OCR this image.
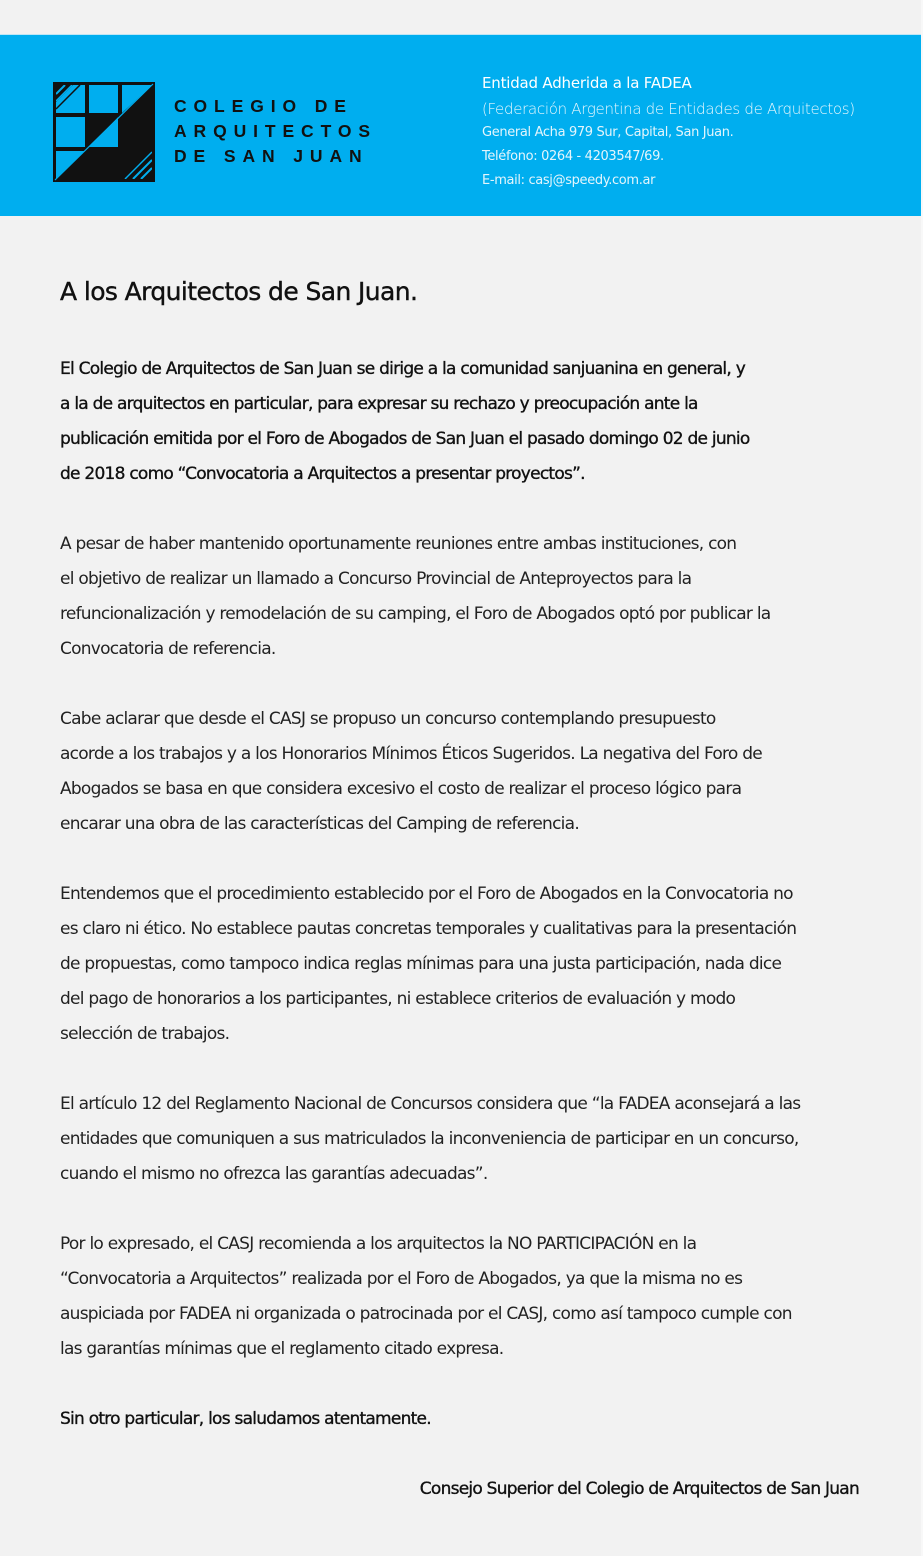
COLEGIO DE
ARQUITECTOS
DE SAN JUAN
Entidad Adherida a la FADEA
(Federación Argentina de Entidades de Arquitectos)
General Acha 979 Sur, Capital, San Juan.
Teléfono: 0264 - 4203547/69.
E-mail: casj@speedy.com.ar
A los Arquitectos de San Juan.
El Colegio de Arquitectos de San Juan se dirige a la comunidad sanjuanina en general, y
a la de arquitectos en particular, para expresar su rechazo y preocupación ante la
publicación emitida por el Foro de Abogados de San Juan el pasado domingo 02 de junio
de 2018 como “Convocatoria a Arquitectos a presentar proyectos”.
A pesar de haber mantenido oportunamente reuniones entre ambas instituciones, con
el objetivo de realizar un llamado a Concurso Provincial de Anteproyectos para la
refuncionalización y remodelación de su camping, el Foro de Abogados optó por publicar la
Convocatoria de referencia.
Cabe aclarar que desde el CASJ se propuso un concurso contemplando presupuesto
acorde a los trabajos y a los Honorarios Mínimos Éticos Sugeridos. La negativa del Foro de
Abogados se basa en que considera excesivo el costo de realizar el proceso lógico para
encarar una obra de las características del Camping de referencia.
Entendemos que el procedimiento establecido por el Foro de Abogados en la Convocatoria no
es claro ni ético. No establece pautas concretas temporales y cualitativas para la presentación
de propuestas, como tampoco indica reglas mínimas para una justa participación, nada dice
del pago de honorarios a los participantes, ni establece criterios de evaluación y modo
selección de trabajos.
El artículo 12 del Reglamento Nacional de Concursos considera que “la FADEA aconsejará a las
entidades que comuniquen a sus matriculados la inconveniencia de participar en un concurso,
cuando el mismo no ofrezca las garantías adecuadas”.
Por lo expresado, el CASJ recomienda a los arquitectos la NO PARTICIPACIÓN en la
“Convocatoria a Arquitectos” realizada por el Foro de Abogados, ya que la misma no es
auspiciada por FADEA ni organizada o patrocinada por el CASJ, como así tampoco cumple con
las garantías mínimas que el reglamento citado expresa.
Sin otro particular, los saludamos atentamente.
Consejo Superior del Colegio de Arquitectos de San Juan
